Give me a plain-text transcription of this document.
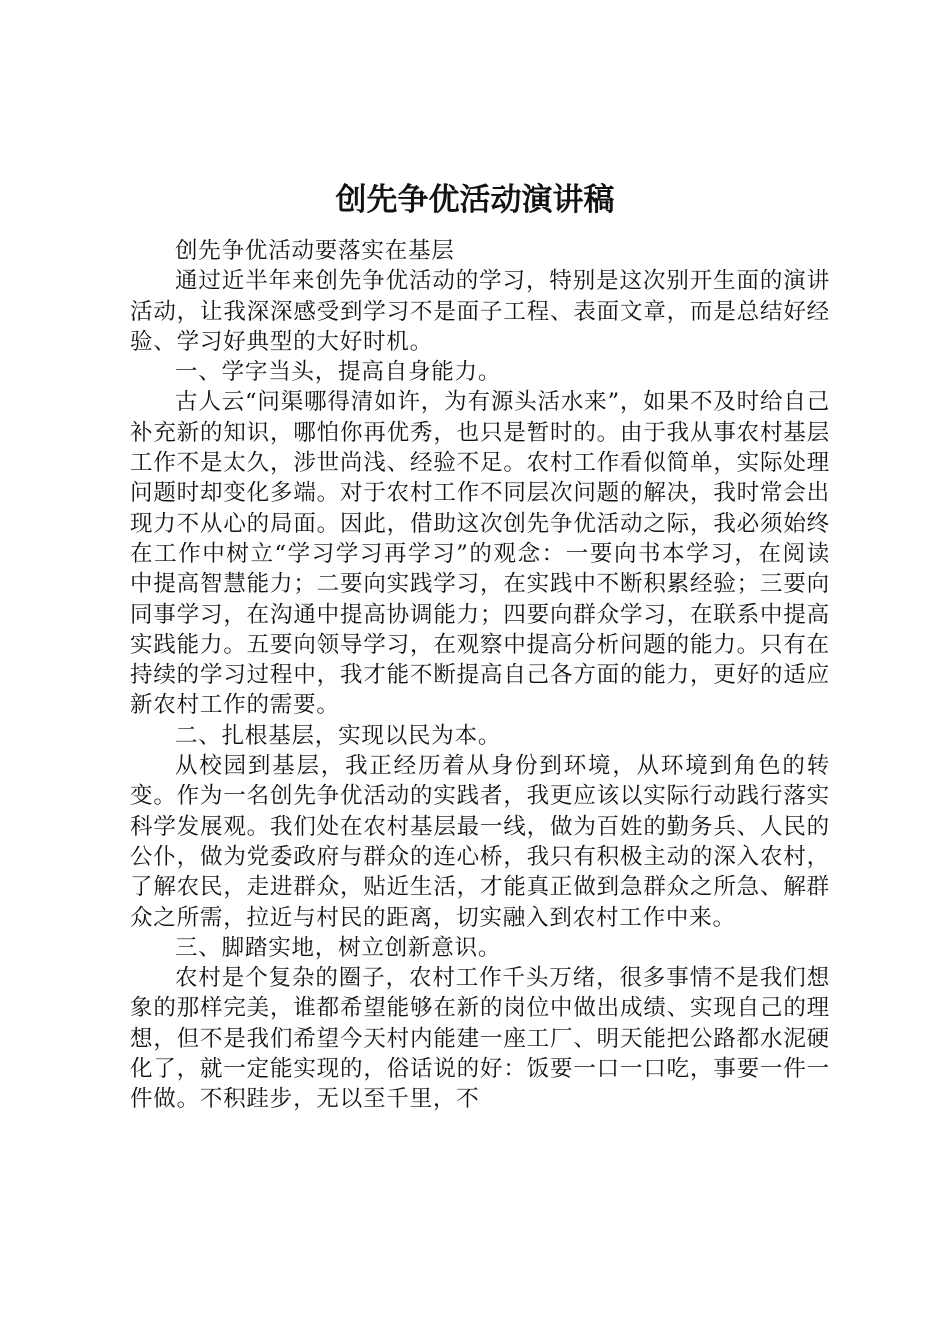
创先争优活动演讲稿

创先争优活动要落实在基层

通过近半年来创先争优活动的学习，特别是这次别开生面的演讲活动，让我深深感受到学习不是面子工程、表面文章，而是总结好经验、学习好典型的大好时机。

一、学字当头，提高自身能力。

古人云“问渠哪得清如许，为有源头活水来”，如果不及时给自己补充新的知识，哪怕你再优秀，也只是暂时的。由于我从事农村基层工作不是太久，涉世尚浅、经验不足。农村工作看似简单，实际处理问题时却变化多端。对于农村工作不同层次问题的解决，我时常会出现力不从心的局面。因此，借助这次创先争优活动之际，我必须始终在工作中树立“学习学习再学习”的观念：一要向书本学习，在阅读中提高智慧能力；二要向实践学习，在实践中不断积累经验；三要向同事学习，在沟通中提高协调能力；四要向群众学习，在联系中提高实践能力。五要向领导学习，在观察中提高分析问题的能力。只有在持续的学习过程中，我才能不断提高自己各方面的能力，更好的适应新农村工作的需要。

二、扎根基层，实现以民为本。

从校园到基层，我正经历着从身份到环境，从环境到角色的转变。作为一名创先争优活动的实践者，我更应该以实际行动践行落实科学发展观。我们处在农村基层最一线，做为百姓的勤务兵、人民的公仆，做为党委政府与群众的连心桥，我只有积极主动的深入农村，了解农民，走进群众，贴近生活，才能真正做到急群众之所急、解群众之所需，拉近与村民的距离，切实融入到农村工作中来。

三、脚踏实地，树立创新意识。

农村是个复杂的圈子，农村工作千头万绪，很多事情不是我们想象的那样完美，谁都希望能够在新的岗位中做出成绩、实现自己的理想，但不是我们希望今天村内能建一座工厂、明天能把公路都水泥硬化了，就一定能实现的，俗话说的好：饭要一口一口吃，事要一件一件做。不积跬步，无以至千里，不
